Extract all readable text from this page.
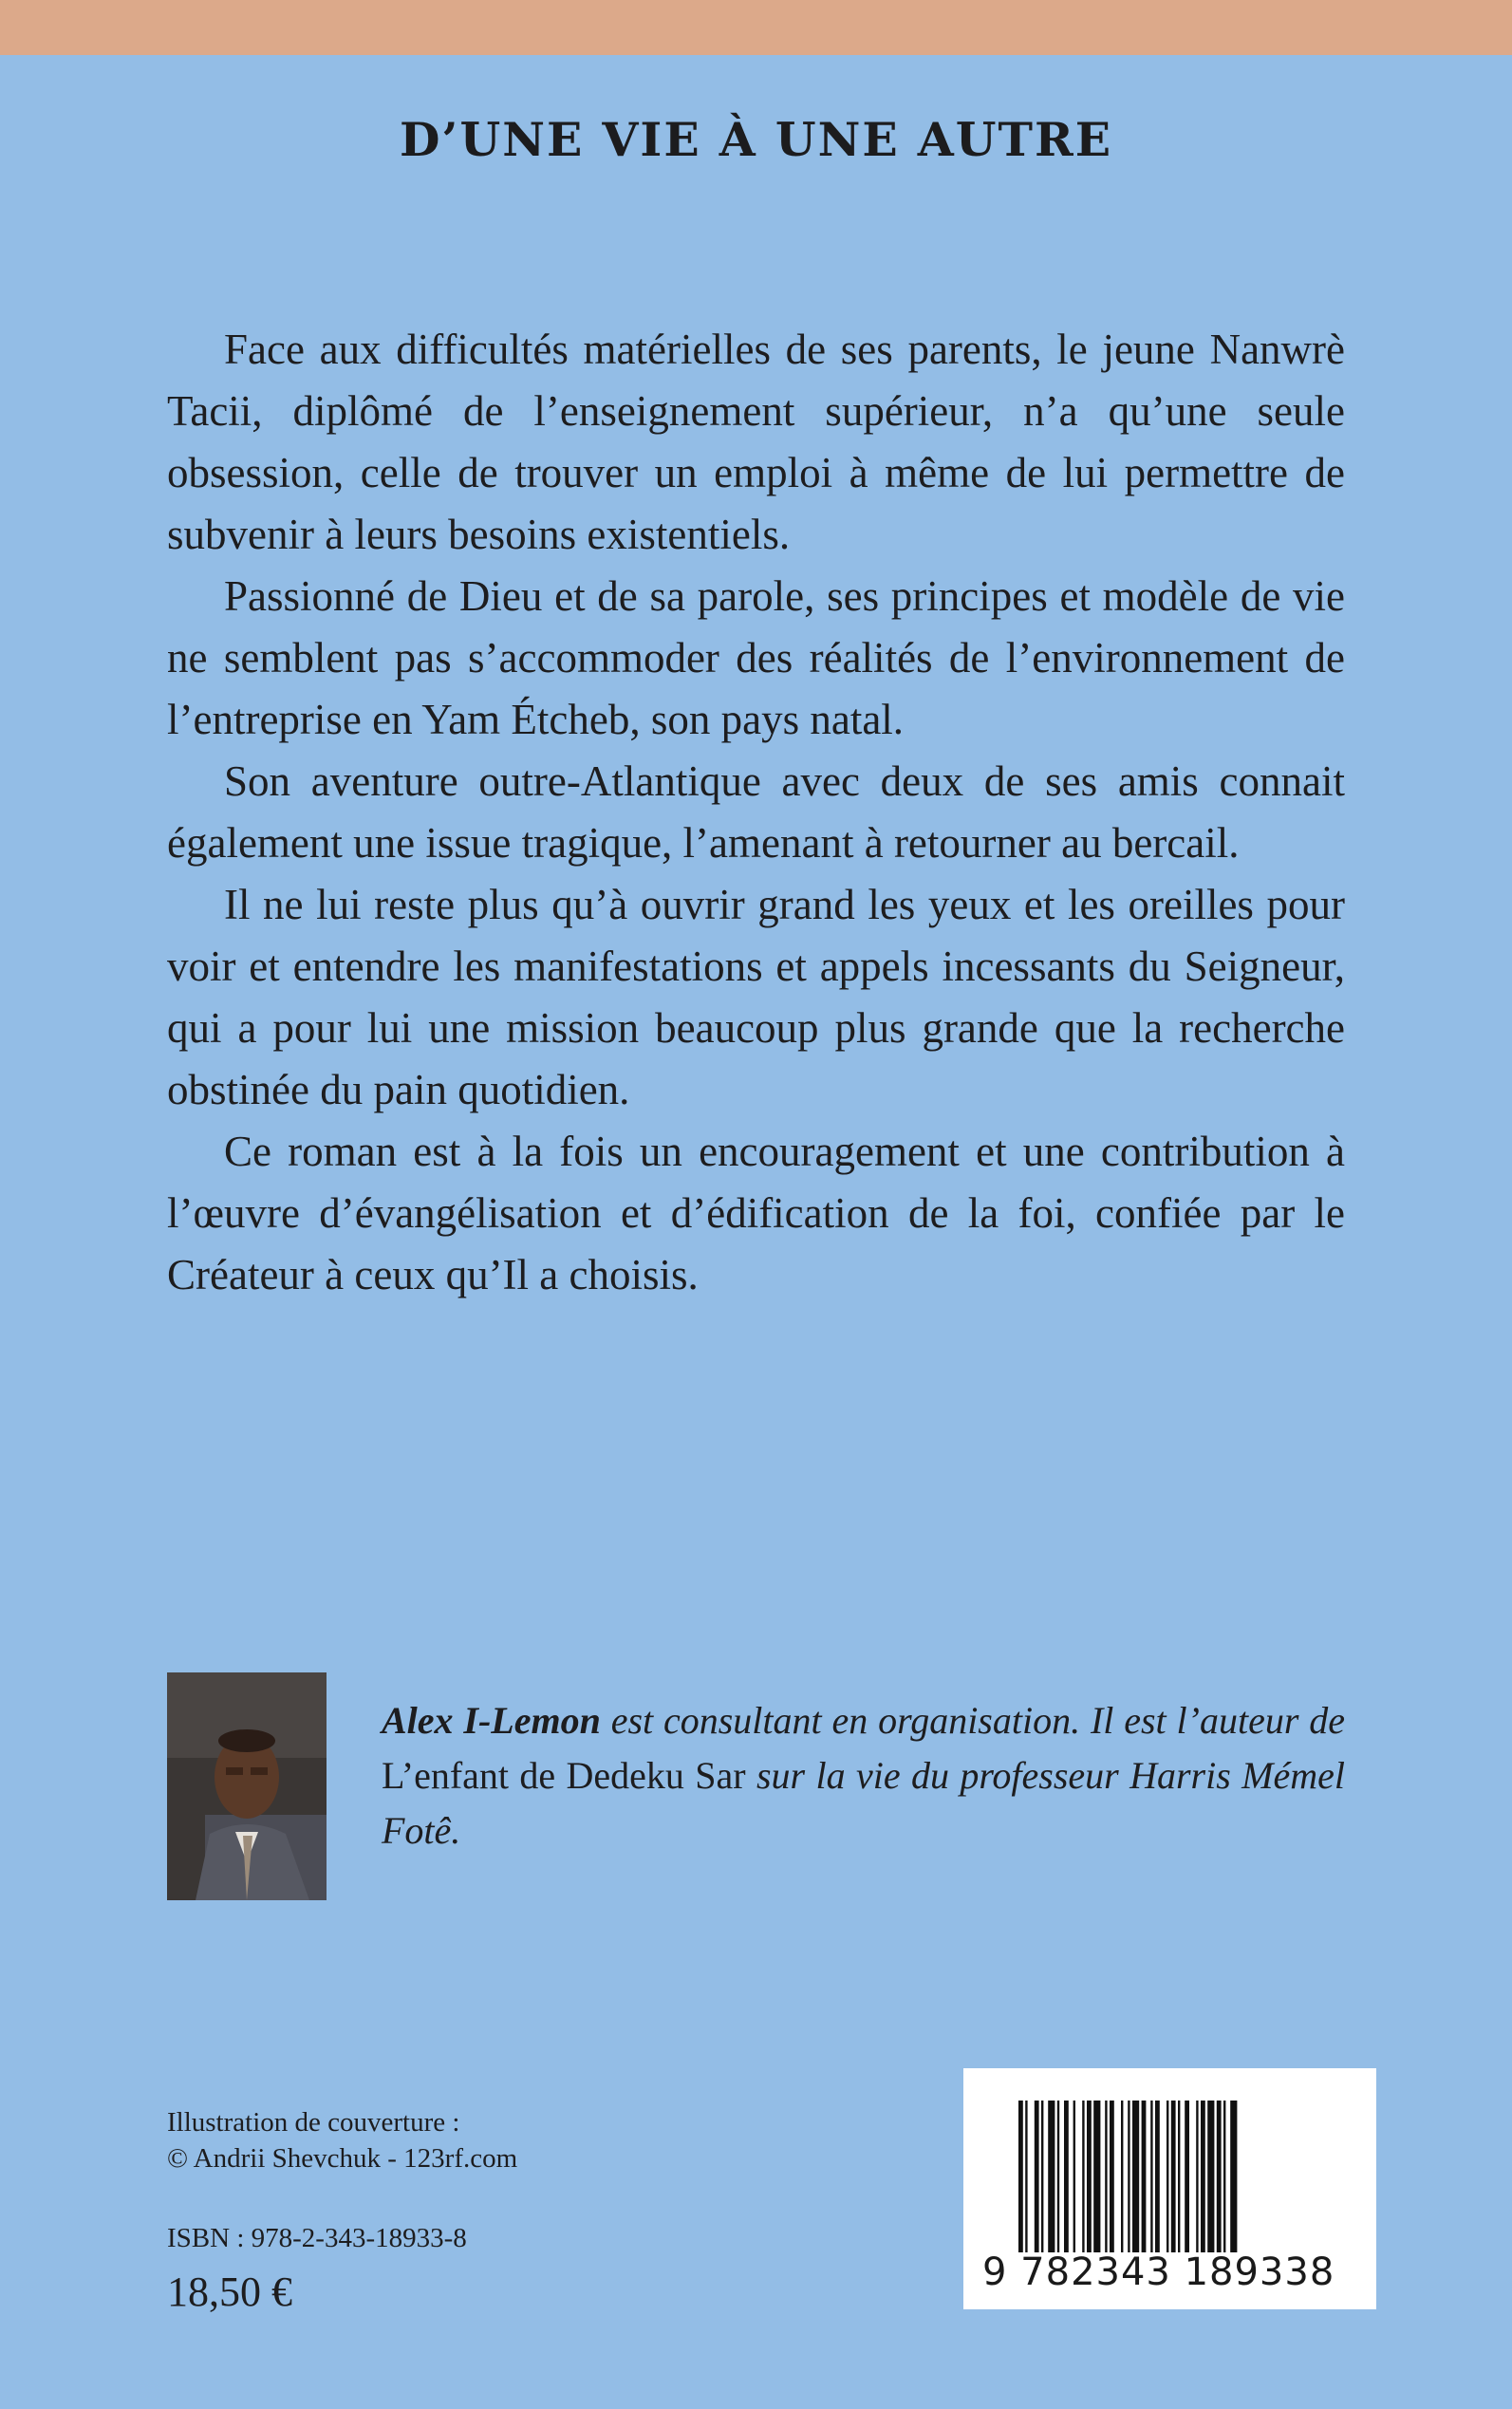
D’UNE VIE À UNE AUTRE

Face aux difficultés matérielles de ses parents, le jeune Nanwrè Tacii, diplômé de l’enseignement supérieur, n’a qu’une seule obsession, celle de trouver un emploi à même de lui permettre de subvenir à leurs besoins existentiels.

Passionné de Dieu et de sa parole, ses principes et modèle de vie ne semblent pas s’accommoder des réalités de l’environnement de l’entreprise en Yam Étcheb, son pays natal.

Son aventure outre-Atlantique avec deux de ses amis connait également une issue tragique, l’amenant à retourner au bercail.

Il ne lui reste plus qu’à ouvrir grand les yeux et les oreilles pour voir et entendre les manifestations et appels incessants du Seigneur, qui a pour lui une mission beaucoup plus grande que la recherche obstinée du pain quotidien.

Ce roman est à la fois un encouragement et une contribution à l’œuvre d’évangélisation et d’édification de la foi, confiée par le Créateur à ceux qu’Il a choisis.

Alex I-Lemon est consultant en organisation. Il est l’auteur de L’enfant de Dedeku Sar sur la vie du professeur Harris Mémel Fotê.
Illustration de couverture :
© Andrii Shevchuk - 123rf.com
ISBN : 978-2-343-18933-8
18,50 €	9 782343 189338
